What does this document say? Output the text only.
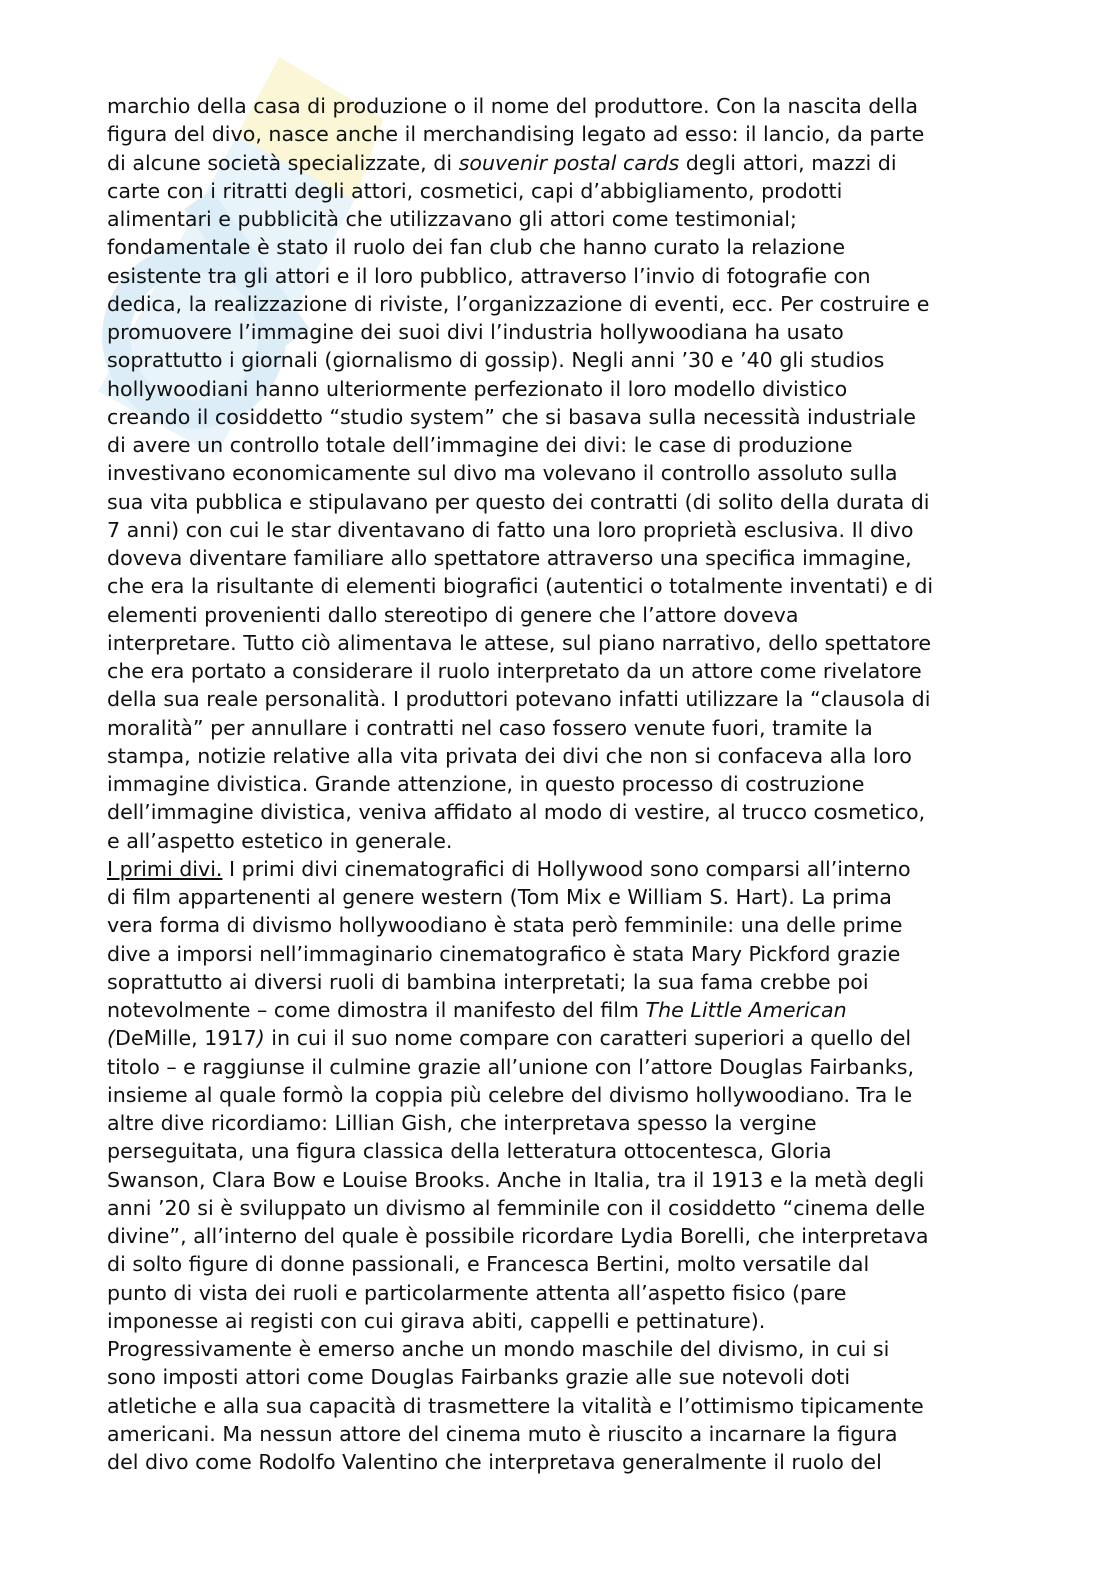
marchio della casa di produzione o il nome del produttore. Con la nascita della
figura del divo, nasce anche il merchandising legato ad esso: il lancio, da parte
di alcune società specializzate, di souvenir postal cards degli attori, mazzi di
carte con i ritratti degli attori, cosmetici, capi d’abbigliamento, prodotti
alimentari e pubblicità che utilizzavano gli attori come testimonial;
fondamentale è stato il ruolo dei fan club che hanno curato la relazione
esistente tra gli attori e il loro pubblico, attraverso l’invio di fotografie con
dedica, la realizzazione di riviste, l’organizzazione di eventi, ecc. Per costruire e
promuovere l’immagine dei suoi divi l’industria hollywoodiana ha usato
soprattutto i giornali (giornalismo di gossip). Negli anni ’30 e ’40 gli studios
hollywoodiani hanno ulteriormente perfezionato il loro modello divistico
creando il cosiddetto “studio system” che si basava sulla necessità industriale
di avere un controllo totale dell’immagine dei divi: le case di produzione
investivano economicamente sul divo ma volevano il controllo assoluto sulla
sua vita pubblica e stipulavano per questo dei contratti (di solito della durata di
7 anni) con cui le star diventavano di fatto una loro proprietà esclusiva. Il divo
doveva diventare familiare allo spettatore attraverso una specifica immagine,
che era la risultante di elementi biografici (autentici o totalmente inventati) e di
elementi provenienti dallo stereotipo di genere che l’attore doveva
interpretare. Tutto ciò alimentava le attese, sul piano narrativo, dello spettatore
che era portato a considerare il ruolo interpretato da un attore come rivelatore
della sua reale personalità. I produttori potevano infatti utilizzare la “clausola di
moralità” per annullare i contratti nel caso fossero venute fuori, tramite la
stampa, notizie relative alla vita privata dei divi che non si confaceva alla loro
immagine divistica. Grande attenzione, in questo processo di costruzione
dell’immagine divistica, veniva affidato al modo di vestire, al trucco cosmetico,
e all’aspetto estetico in generale.
I primi divi. I primi divi cinematografici di Hollywood sono comparsi all’interno
di film appartenenti al genere western (Tom Mix e William S. Hart). La prima
vera forma di divismo hollywoodiano è stata però femminile: una delle prime
dive a imporsi nell’immaginario cinematografico è stata Mary Pickford grazie
soprattutto ai diversi ruoli di bambina interpretati; la sua fama crebbe poi
notevolmente – come dimostra il manifesto del film The Little American
(DeMille, 1917) in cui il suo nome compare con caratteri superiori a quello del
titolo – e raggiunse il culmine grazie all’unione con l’attore Douglas Fairbanks,
insieme al quale formò la coppia più celebre del divismo hollywoodiano. Tra le
altre dive ricordiamo: Lillian Gish, che interpretava spesso la vergine
perseguitata, una figura classica della letteratura ottocentesca, Gloria
Swanson, Clara Bow e Louise Brooks. Anche in Italia, tra il 1913 e la metà degli
anni ’20 si è sviluppato un divismo al femminile con il cosiddetto “cinema delle
divine”, all’interno del quale è possibile ricordare Lydia Borelli, che interpretava
di solto figure di donne passionali, e Francesca Bertini, molto versatile dal
punto di vista dei ruoli e particolarmente attenta all’aspetto fisico (pare
imponesse ai registi con cui girava abiti, cappelli e pettinature).
Progressivamente è emerso anche un mondo maschile del divismo, in cui si
sono imposti attori come Douglas Fairbanks grazie alle sue notevoli doti
atletiche e alla sua capacità di trasmettere la vitalità e l’ottimismo tipicamente
americani. Ma nessun attore del cinema muto è riuscito a incarnare la figura
del divo come Rodolfo Valentino che interpretava generalmente il ruolo del
